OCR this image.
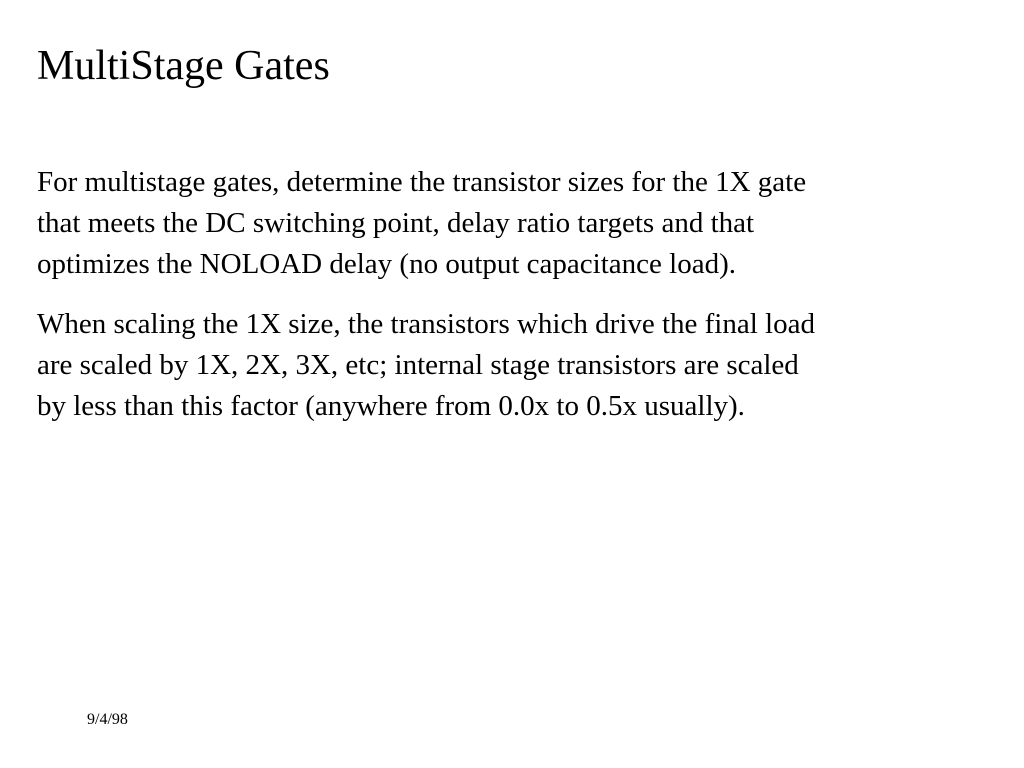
MultiStage Gates

For multistage gates, determine the transistor sizes for the 1X gate
that meets the DC switching point, delay ratio targets and that
optimizes the NOLOAD delay (no output capacitance load).

When scaling the 1X size, the transistors which drive the final load
are scaled by 1X, 2X, 3X, etc; internal stage transistors are scaled
by less than this factor (anywhere from 0.0x to 0.5x usually).

9/4/98
